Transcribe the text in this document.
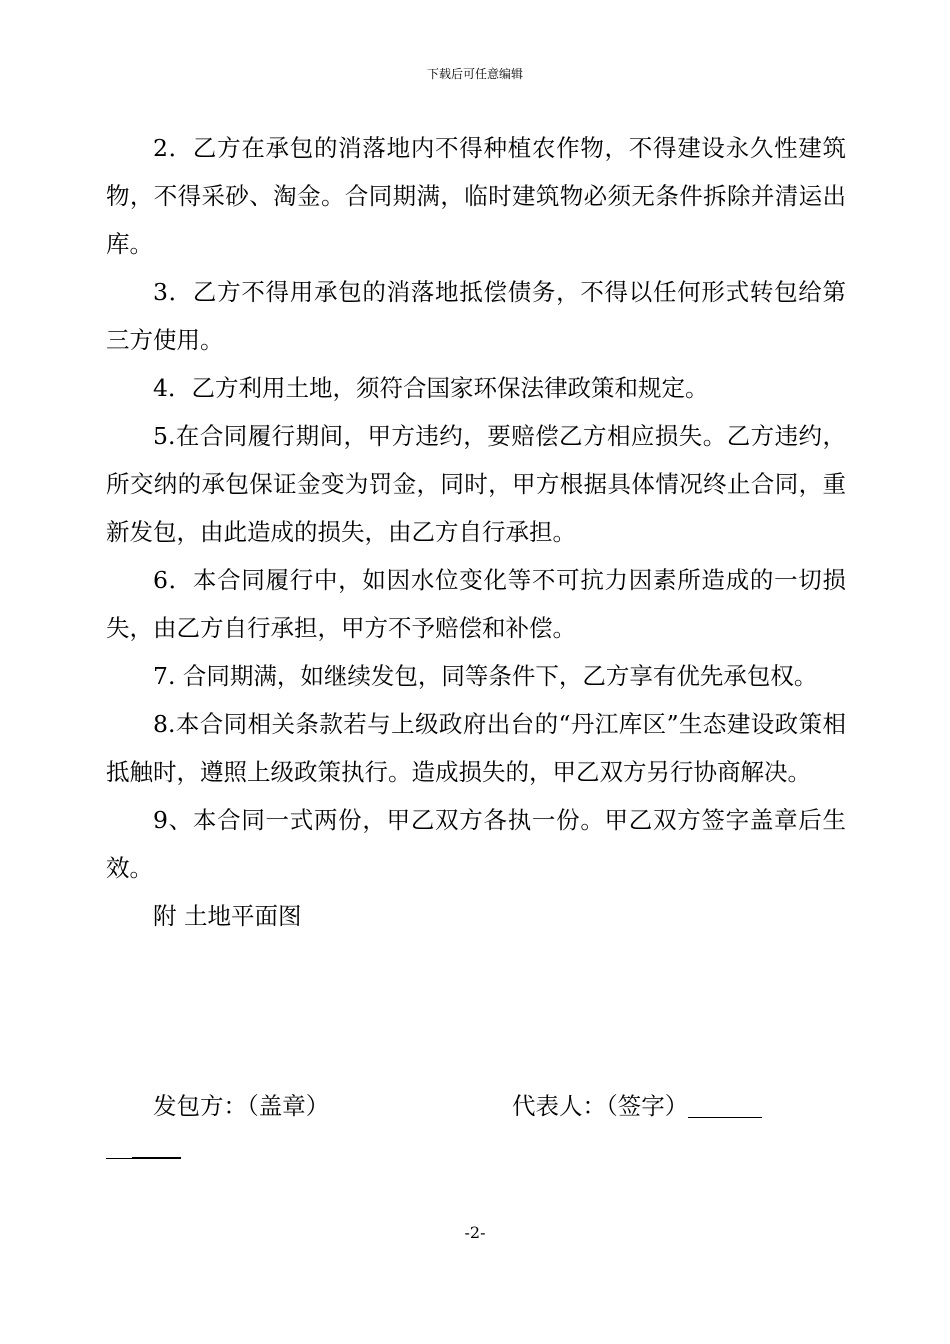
下载后可任意编辑

2．乙方在承包的消落地内不得种植农作物，不得建设永久性建筑物，不得采砂、淘金。合同期满，临时建筑物必须无条件拆除并清运出库。

3．乙方不得用承包的消落地抵偿债务，不得以任何形式转包给第三方使用。

4．乙方利用土地，须符合国家环保法律政策和规定。

5.在合同履行期间，甲方违约，要赔偿乙方相应损失。乙方违约，所交纳的承包保证金变为罚金，同时，甲方根据具体情况终止合同，重新发包，由此造成的损失，由乙方自行承担。

6．本合同履行中，如因水位变化等不可抗力因素所造成的一切损失，由乙方自行承担，甲方不予赔偿和补偿。

7. 合同期满，如继续发包，同等条件下，乙方享有优先承包权。

8.本合同相关条款若与上级政府出台的“丹江库区”生态建设政策相抵触时，遵照上级政策执行。造成损失的，甲乙双方另行协商解决。

9、本合同一式两份，甲乙双方各执一份。甲乙双方签字盖章后生效。

附 土地平面图

发包方：（盖章）	代表人：（签字）
-2-
